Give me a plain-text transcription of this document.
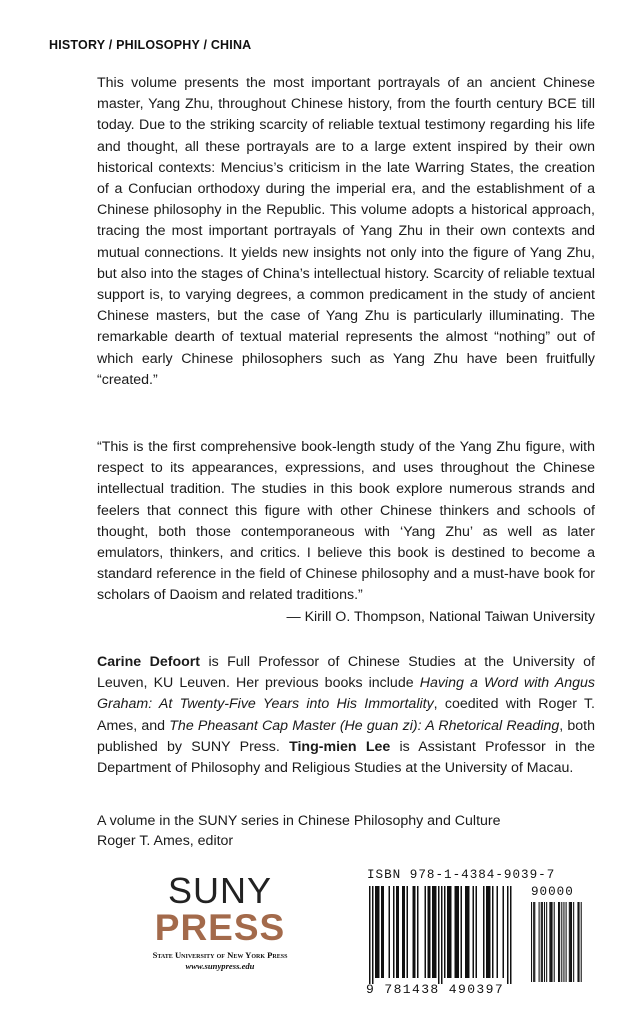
HISTORY / PHILOSOPHY / CHINA

This volume presents the most important portrayals of an ancient Chinese master, Yang Zhu, throughout Chinese history, from the fourth century BCE till today. Due to the striking scarcity of reliable textual testimony regarding his life and thought, all these portrayals are to a large extent inspired by their own historical contexts: Mencius’s criticism in the late Warring States, the creation of a Confucian orthodoxy during the imperial era, and the establishment of a Chinese philosophy in the Republic. This volume adopts a historical approach, tracing the most important portrayals of Yang Zhu in their own contexts and mutual connections. It yields new insights not only into the figure of Yang Zhu, but also into the stages of China’s intellectual history. Scarcity of reliable textual support is, to varying degrees, a common predicament in the study of ancient Chinese masters, but the case of Yang Zhu is particularly illuminating. The remarkable dearth of textual material represents the almost “nothing” out of which early Chinese philosophers such as Yang Zhu have been fruitfully “created.”

“This is the first comprehensive book-length study of the Yang Zhu figure, with respect to its appearances, expressions, and uses throughout the Chinese intellectual tradition. The studies in this book explore numerous strands and feelers that connect this figure with other Chinese thinkers and schools of thought, both those contemporaneous with ‘Yang Zhu’ as well as later emulators, thinkers, and critics. I believe this book is destined to become a standard reference in the field of Chinese philosophy and a must-have book for scholars of Daoism and related traditions.”

— Kirill O. Thompson, National Taiwan University

Carine Defoort is Full Professor of Chinese Studies at the University of Leuven, KU Leuven. Her previous books include Having a Word with Angus Graham: At Twenty-Five Years into His Immortality, coedited with Roger T. Ames, and The Pheasant Cap Master (He guan zi): A Rhetorical Reading, both published by SUNY Press. Ting-mien Lee is Assistant Professor in the Department of Philosophy and Religious Studies at the University of Macau.

A volume in the SUNY series in Chinese Philosophy and Culture
Roger T. Ames, editor
SUNY
PRESS
State University of New York Press
www.sunypress.edu
ISBN 978-1-4384-9039-7
90000
9 781438 490397
